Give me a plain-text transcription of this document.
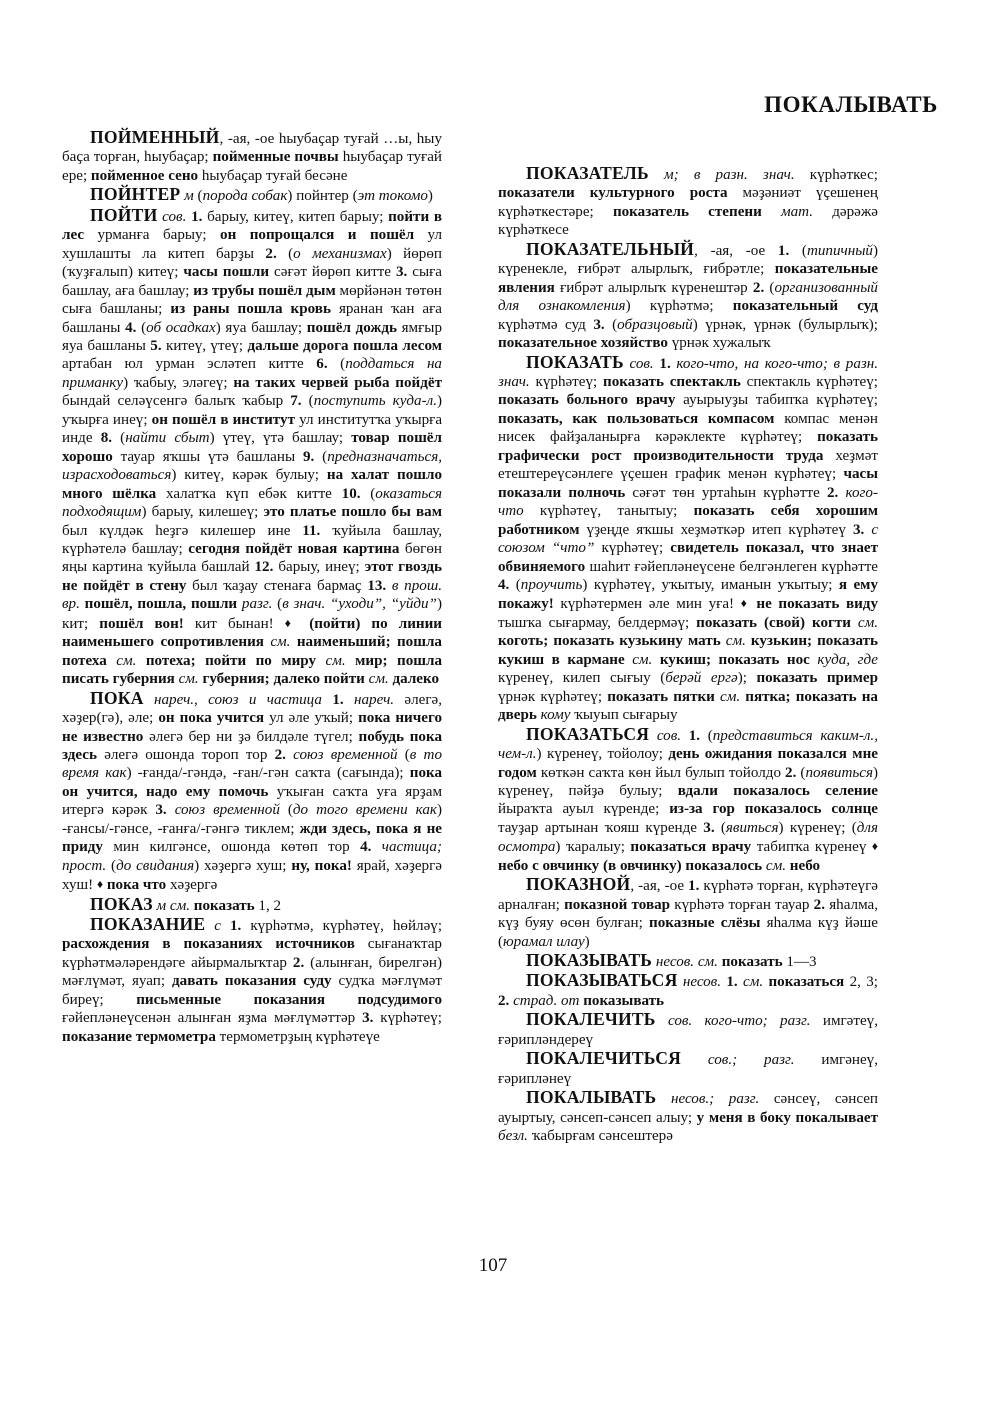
ПОКАЛЫВАТЬ

ПОЙМЕННЫЙ, -ая, -ое һыубаҫар туғай …ы, һыу баҫа торған, һыубаҫар; пойменные почвы һыубаҫар туғай ере; пойменное сено һыубаҫар туғай бесәне

ПОЙНТЕР м (порода собак) пойнтер (эт токомо)

ПОЙТИ сов. 1. барыу, китеү, китеп барыу; пойти в лес урманға барыу; он попрощался и пошёл ул хушлашты ла китеп барҙы 2. (о механизмах) йөрөп (ҡуҙғалып) китеү; часы пошли сәғәт йөрөп китте 3. сыға башлау, аға башлау; из трубы пошёл дым мөрйәнән төтөн сыға башланы; из раны пошла кровь яранан ҡан аға башланы 4. (об осадках) яуа башлау; пошёл дождь ямғыр яуа башланы 5. китеү, үтеү; дальше дорога пошла лесом артабан юл урман эсләтеп китте 6. (поддаться на приманку) ҡабыу, эләгеү; на таких червей рыба пойдёт бындай селәүсенгә балыҡ ҡабыр 7. (поступить куда-л.) уҡырға инеү; он пошёл в институт ул институтҡа уҡырға инде 8. (найти сбыт) үтеү, үтә башлау; товар пошёл хорошо тауар яҡшы үтә башланы 9. (предназначаться, израсходоваться) китеү, кәрәк булыу; на халат пошло много шёлка халатҡа күп ебәк китте 10. (оказаться подходящим) барыу, килешеү; это платье пошло бы вам был күлдәк һеҙгә килешер ине 11. ҡуйыла башлау, күрһәтелә башлау; сегодня пойдёт новая картина бөгөн яңы картина ҡуйыла башлай 12. барыу, инеү; этот гвоздь не пойдёт в стену был ҡаҙау стенаға бармаҫ 13. в прош. вр. пошёл, пошла, пошли разг. (в знач. “уходи”, “уйди”) кит; пошёл вон! кит бынан! ♦ (пойти) по линии наименьшего сопротивления см. наименьший; пошла потеха см. потеха; пойти по миру см. мир; пошла писать губерния см. губерния; далеко пойти см. далеко

ПОКА нареч., союз и частица 1. нареч. әлегә, хәҙер(гә), әле; он пока учится ул әле уҡый; пока ничего не известно әлегә бер ни ҙә билдәле түгел; побудь пока здесь әлегә ошонда тороп тор 2. союз временной (в то время как) -ғанда/-гәндә, -ған/-гән саҡта (сағында); пока он учится, надо ему помочь уҡыған саҡта уға ярҙам итергә кәрәк 3. союз временной (до того времени как) -ғансы/-гәнсе, -ғанға/-гәнгә тиклем; жди здесь, пока я не приду мин килгәнсе, ошонда көтөп тор 4. частица; прост. (до свидания) хәҙергә хуш; ну, пока! ярай, хәҙергә хуш! ♦ пока что хәҙергә

ПОКАЗ м см. показать 1, 2

ПОКАЗАНИЕ с 1. күрһәтмә, күрһәтеү, һөйләү; расхождения в показаниях источников сығанаҡтар күрһәтмәләрендәге айырмалыҡтар 2. (алынған, бирелгән) мәғлүмәт, яуап; давать показания суду судҡа мәғлүмәт биреү; письменные показания подсудимого ғәйепләнеүсенән алынған яҙма мәғлүмәттәр 3. күрһәтеү; показание термометра термометрҙың күрһәтеүе

ПОКАЗАТЕЛЬ м; в разн. знач. күрһәткес; показатели культурного роста мәҙәниәт үҫешенең күрһәткестәре; показатель степени мат. дәрәжә күрһәткесе

ПОКАЗАТЕЛЬНЫЙ, -ая, -ое 1. (типичный) күренекле, ғибрәт алырлыҡ, ғибрәтле; показательные явления ғибрәт алырлыҡ күренештәр 2. (организованный для ознакомления) күрһәтмә; показательный суд күрһәтмә суд 3. (образцовый) үрнәк, үрнәк (булырлыҡ); показательное хозяйство үрнәк хужалыҡ

ПОКАЗАТЬ сов. 1. кого-что, на кого-что; в разн. знач. күрһәтеү; показать спектакль спектакль күрһәтеү; показать больного врачу ауырыуҙы табипҡа күрһәтеү; показать, как пользоваться компасом компас менән нисек файҙаланырға кәрәклекте күрһәтеү; показать графически рост производительности труда хеҙмәт етештереүсәнлеге үҫешен график менән күрһәтеү; часы показали полночь сәғәт төн уртаһын күрһәтте 2. кого-что күрһәтеү, танытыу; показать себя хорошим работником үҙеңде яҡшы хеҙмәткәр итеп күрһәтеү 3. с союзом “что” күрһәтеү; свидетель показал, что знает обвиняемого шаһит ғәйепләнеүсене белгәнлеген күрһәтте 4. (проучить) күрһәтеү, уҡытыу, иманын уҡытыу; я ему покажу! күрһәтермен әле мин уға! ♦ не показать виду тышҡа сығармау, белдермәү; показать (свой) когти см. коготь; показать кузькину мать см. кузькин; показать кукиш в кармане см. кукиш; показать нос куда, где күренеү, килеп сығыу (берәй ергә); показать пример үрнәк күрһәтеү; показать пятки см. пятка; показать на дверь кому ҡыуып сығарыу

ПОКАЗАТЬСЯ сов. 1. (представиться каким-л., чем-л.) күренеү, тойолоу; день ожидания показался мне годом көткән саҡта көн йыл булып тойолдо 2. (появиться) күренеү, пәйҙә булыу; вдали показалось селение йыраҡта ауыл күренде; из-за гор показалось солнце тауҙар артынан ҡояш күренде 3. (явиться) күренеү; (для осмотра) ҡаралыу; показаться врачу табипҡа күренеү ♦ небо с овчинку (в овчинку) показалось см. небо

ПОКАЗНОЙ, -ая, -ое 1. күрһәтә торған, күрһәтеүгә арналған; показной товар күрһәтә торған тауар 2. яһалма, күҙ буяу өсөн булған; показные слёзы яһалма күҙ йәше (юрамал илау)

ПОКАЗЫВАТЬ несов. см. показать 1—3

ПОКАЗЫВАТЬСЯ несов. 1. см. показаться 2, 3; 2. страд. от показывать

ПОКАЛЕЧИТЬ сов. кого-что; разг. имгәтеү, ғәрипләндереү

ПОКАЛЕЧИТЬСЯ сов.; разг. имгәнеү, ғәрипләнеү

ПОКАЛЫВАТЬ несов.; разг. сәнсеү, сәнсеп ауыртыу, сәнсеп-сәнсеп алыу; у меня в боку покалывает безл. ҡабырғам сәнсештерә

107
